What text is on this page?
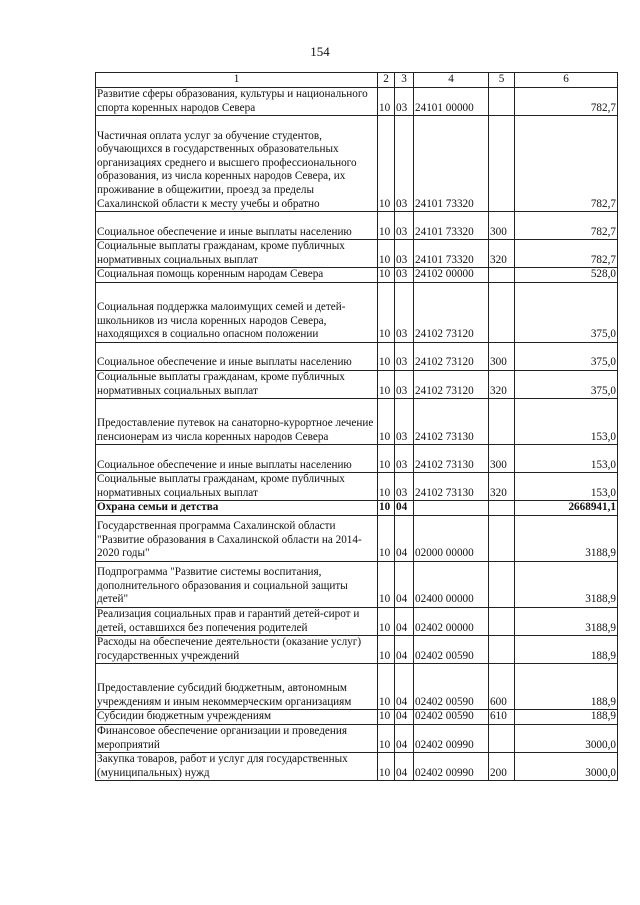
154
1	2	3	4	5	6
Развитие сферы образования, культуры и национального спорта коренных народов Севера	10	03	24101 00000		782,7
Частичная оплата услуг за обучение студентов, обучающихся в государственных образовательных организациях среднего и высшего профессионального образования, из числа коренных народов Севера, их проживание в общежитии, проезд за пределы Сахалинской области к месту учебы и обратно	10	03	24101 73320		782,7
Социальное обеспечение и иные выплаты населению	10	03	24101 73320	300	782,7
Социальные выплаты гражданам, кроме публичных нормативных социальных выплат	10	03	24101 73320	320	782,7
Социальная помощь коренным народам Севера	10	03	24102 00000		528,0
Социальная поддержка малоимущих семей и детей-школьников из числа коренных народов Севера, находящихся в социально опасном положении	10	03	24102 73120		375,0
Социальное обеспечение и иные выплаты населению	10	03	24102 73120	300	375,0
Социальные выплаты гражданам, кроме публичных нормативных социальных выплат	10	03	24102 73120	320	375,0
Предоставление путевок на санаторно-курортное лечение пенсионерам из числа коренных народов Севера	10	03	24102 73130		153,0
Социальное обеспечение и иные выплаты населению	10	03	24102 73130	300	153,0
Социальные выплаты гражданам, кроме публичных нормативных социальных выплат	10	03	24102 73130	320	153,0
Охрана семьи и детства	10	04			2668941,1
Государственная программа Сахалинской области "Развитие образования в Сахалинской области на 2014-2020 годы"	10	04	02000 00000		3188,9
Подпрограмма "Развитие системы воспитания, дополнительного образования и социальной защиты детей"	10	04	02400 00000		3188,9
Реализация социальных прав и гарантий детей-сирот и детей, оставшихся без попечения родителей	10	04	02402 00000		3188,9
Расходы на обеспечение деятельности (оказание услуг) государственных учреждений	10	04	02402 00590		188,9
Предоставление субсидий бюджетным, автономным учреждениям и иным некоммерческим организациям	10	04	02402 00590	600	188,9
Субсидии бюджетным учреждениям	10	04	02402 00590	610	188,9
Финансовое обеспечение организации и проведения мероприятий	10	04	02402 00990		3000,0
Закупка товаров, работ и услуг для государственных (муниципальных) нужд	10	04	02402 00990	200	3000,0
